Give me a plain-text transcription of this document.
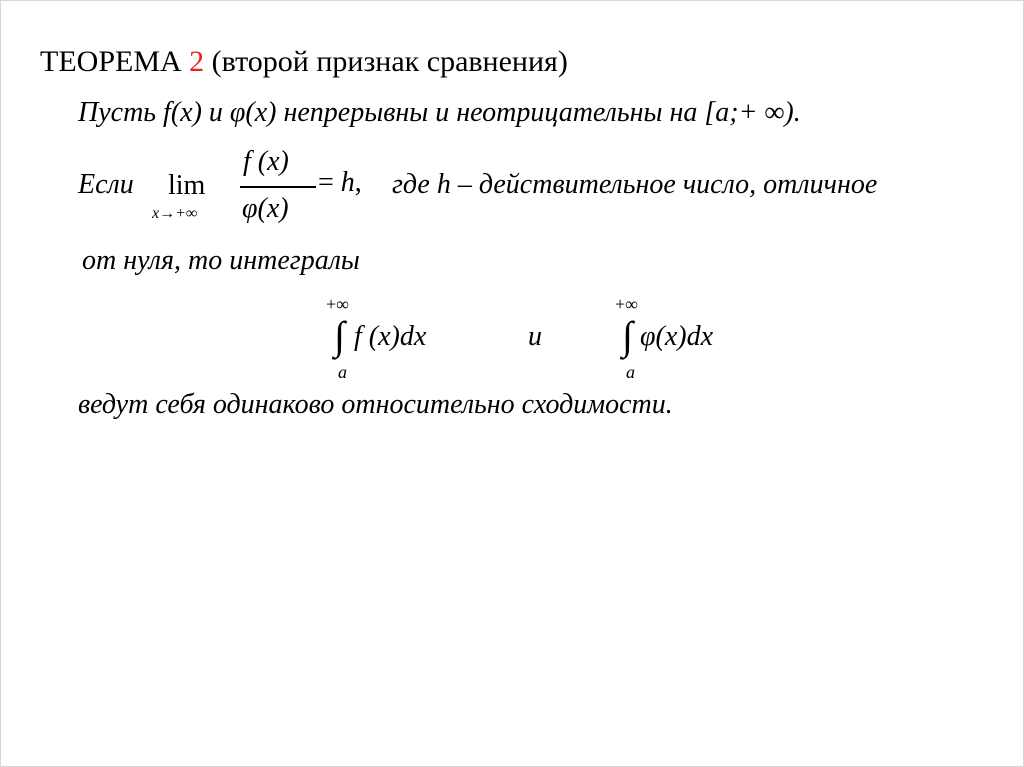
ТЕОРЕМА 2 (второй признак сравнения)
Пусть f(x) и φ(x) непрерывны и неотрицательны на [a;+ ∞).
Если lim
x→+∞
f (x)
φ(x)
= h, где h – действительное число, отличное
от нуля, то интегралы
+∞
∫ f (x)dx
a
и
+∞
∫ φ(x)dx
a
ведут себя одинаково относительно сходимости.
